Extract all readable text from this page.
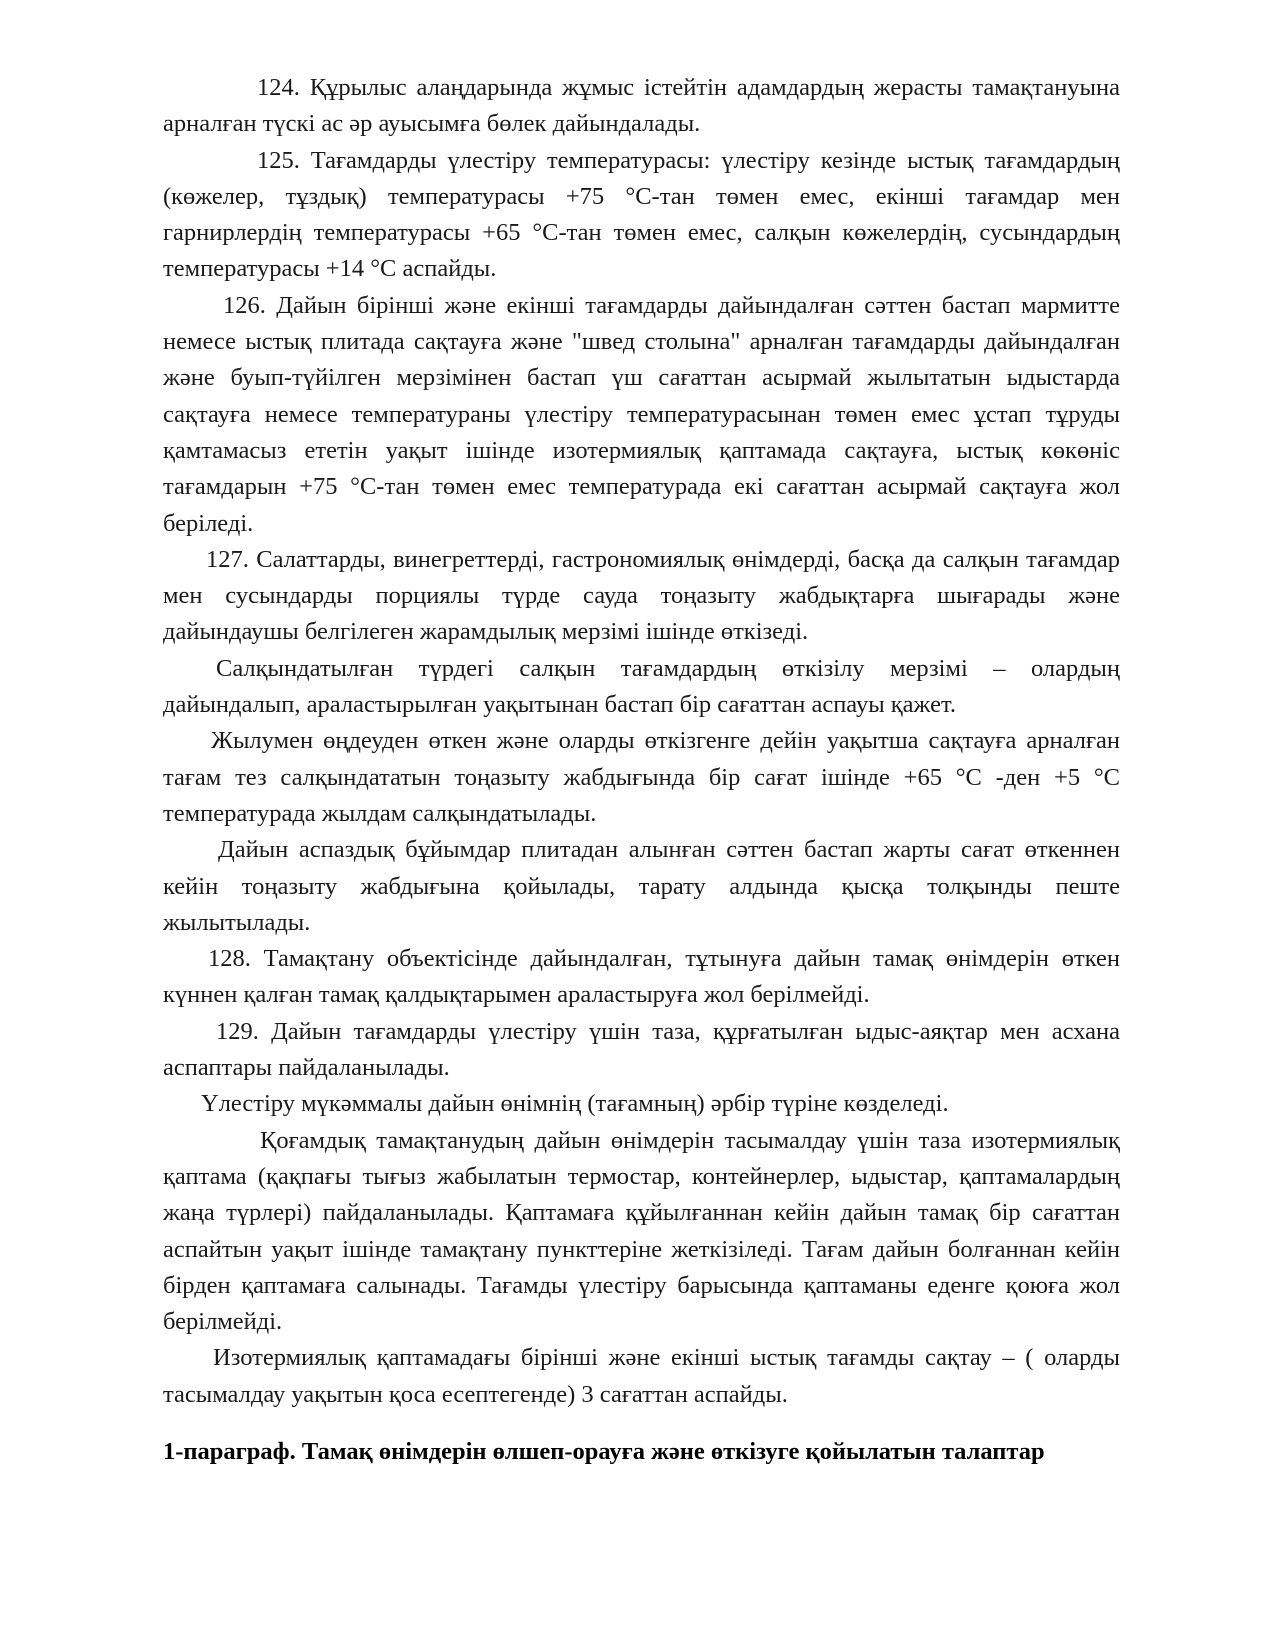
124. Құрылыс алаңдарында жұмыс істейтін адамдардың жерасты тамақтануына арналған түскі ас әр ауысымға бөлек дайындалады.

125. Тағамдарды үлестіру температурасы: үлестіру кезінде ыстық тағамдардың (көжелер, тұздық) температурасы +75 °С-тан төмен емес, екінші тағамдар мен гарнирлердің температурасы +65 °С-тан төмен емес, салқын көжелердің, сусындардың температурасы +14 °С аспайды.

126. Дайын бірінші және екінші тағамдарды дайындалған сәттен бастап мармитте немесе ыстық плитада сақтауға және "швед столына" арналған тағамдарды дайындалған және буып-түйілген мерзімінен бастап үш сағаттан асырмай жылытатын ыдыстарда сақтауға немесе температураны үлестіру температурасынан төмен емес ұстап тұруды қамтамасыз ететін уақыт ішінде изотермиялық қаптамада сақтауға, ыстық көкөніс тағамдарын +75 °С-тан төмен емес температурада екі сағаттан асырмай сақтауға жол беріледі.

127. Салаттарды, винегреттерді, гастрономиялық өнімдерді, басқа да салқын тағамдар мен сусындарды порциялы түрде сауда тоңазыту жабдықтарға шығарады және дайындаушы белгілеген жарамдылық мерзімі ішінде өткізеді.

Салқындатылған түрдегі салқын тағамдардың өткізілу мерзімі – олардың дайындалып, араластырылған уақытынан бастап бір сағаттан аспауы қажет.

Жылумен өңдеуден өткен және оларды өткізгенге дейін уақытша сақтауға арналған тағам тез салқындататын тоңазыту жабдығында бір сағат ішінде +65 °С -ден +5 °С температурада жылдам салқындатылады.

Дайын аспаздық бұйымдар плитадан алынған сәттен бастап жарты сағат өткеннен кейін тоңазыту жабдығына қойылады, тарату алдында қысқа толқынды пеште жылытылады.

128. Тамақтану объектісінде дайындалған, тұтынуға дайын тамақ өнімдерін өткен күннен қалған тамақ қалдықтарымен араластыруға жол берілмейді.

129. Дайын тағамдарды үлестіру үшін таза, құрғатылған ыдыс-аяқтар мен асхана аспаптары пайдаланылады.

Үлестіру мүкәммалы дайын өнімнің (тағамның) әрбір түріне көзделеді.

Қоғамдық тамақтанудың дайын өнімдерін тасымалдау үшін таза изотермиялық қаптама (қақпағы тығыз жабылатын термостар, контейнерлер, ыдыстар, қаптамалардың жаңа түрлері) пайдаланылады. Қаптамаға құйылғаннан кейін дайын тамақ бір сағаттан аспайтын уақыт ішінде тамақтану пункттеріне жеткізіледі. Тағам дайын болғаннан кейін бірден қаптамаға салынады. Тағамды үлестіру барысында қаптаманы еденге қоюға жол берілмейді.

Изотермиялық қаптамадағы бірінші және екінші ыстық тағамды сақтау – ( оларды тасымалдау уақытын қоса есептегенде) 3 сағаттан аспайды.

1-параграф. Тамақ өнімдерін өлшеп-орауға және өткізуге қойылатын талаптар
